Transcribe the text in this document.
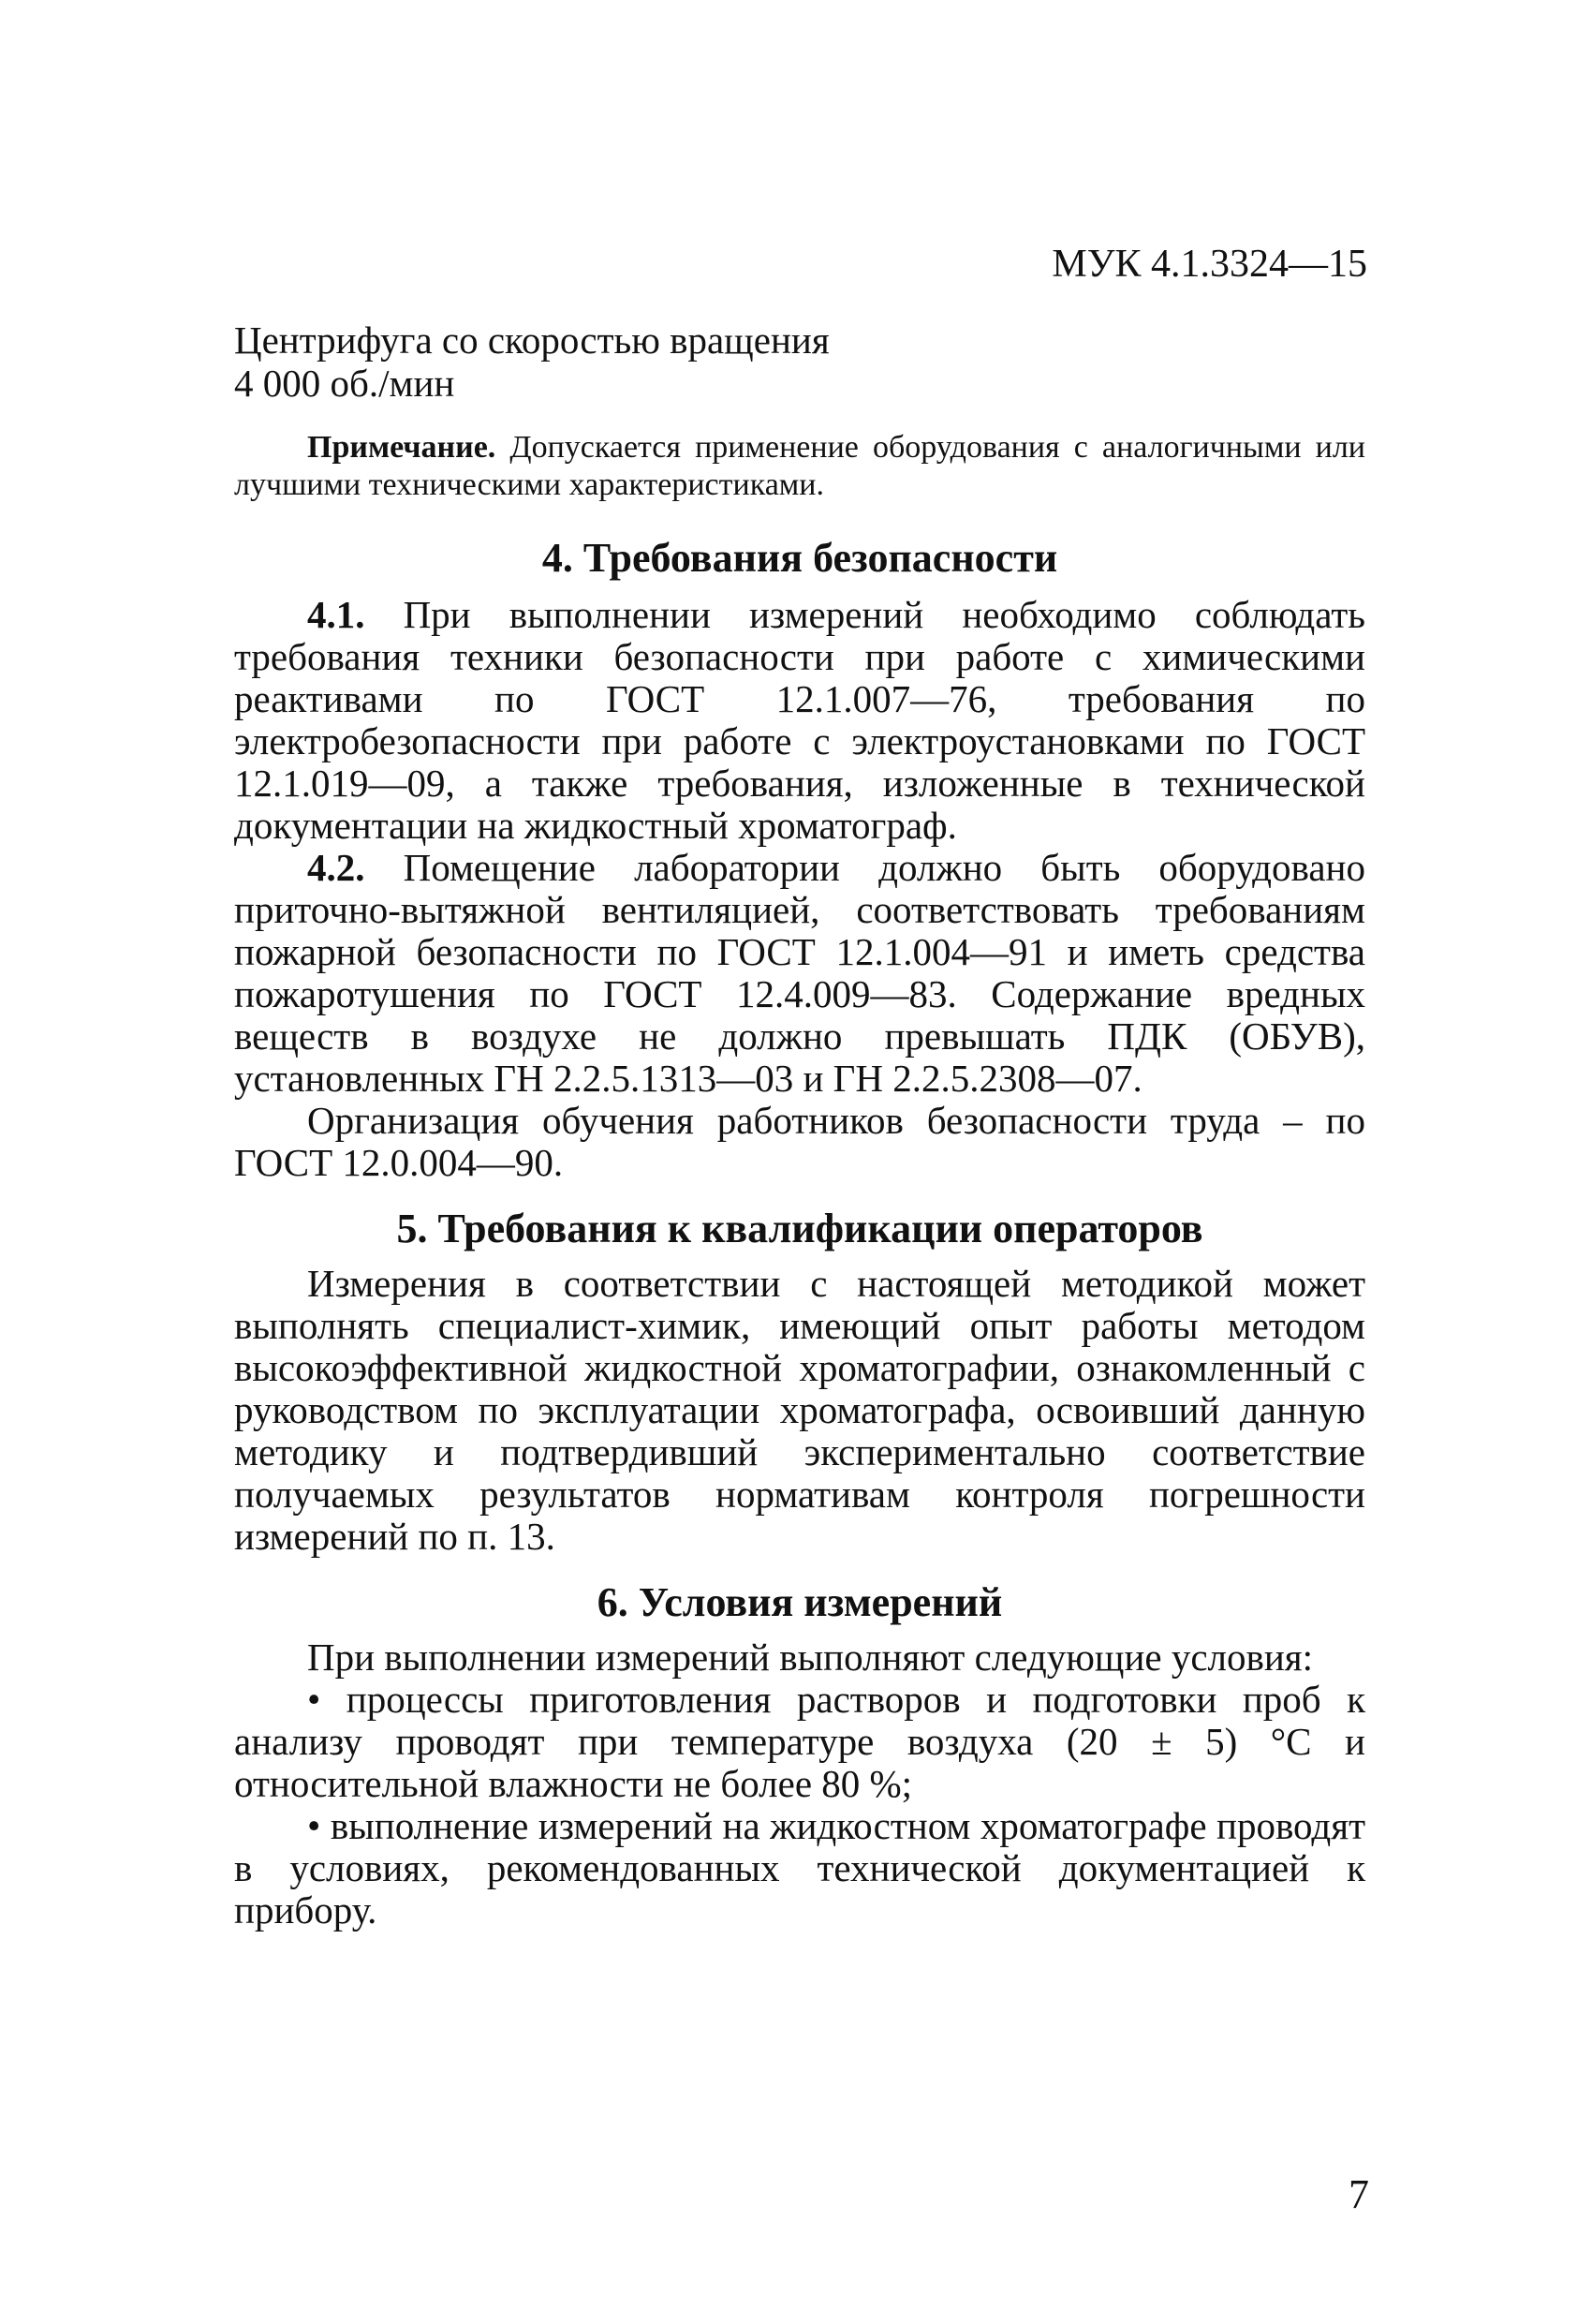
МУК 4.1.3324—15

Центрифуга со скоростью вращения

4 000 об./мин

Примечание. Допускается применение оборудования с аналогичными или лучшими техническими характеристиками.

4. Требования безопасности

4.1. При выполнении измерений необходимо соблюдать требования техники безопасности при работе с химическими реактивами по ГОСТ 12.1.007—76, требования по электробезопасности при работе с электроустановками по ГОСТ 12.1.019—09, а также требования, изложенные в технической документации на жидкостный хроматограф.

4.2. Помещение лаборатории должно быть оборудовано приточно-вытяжной вентиляцией, соответствовать требованиям пожарной безопасности по ГОСТ 12.1.004—91 и иметь средства пожаротушения по ГОСТ 12.4.009—83. Содержание вредных веществ в воздухе не должно превышать ПДК (ОБУВ), установленных ГН 2.2.5.1313—03 и ГН 2.2.5.2308—07.

Организация обучения работников безопасности труда – по ГОСТ 12.0.004—90.

5. Требования к квалификации операторов

Измерения в соответствии с настоящей методикой может выполнять специалист-химик, имеющий опыт работы методом высокоэффективной жидкостной хроматографии, ознакомленный с руководством по эксплуатации хроматографа, освоивший данную методику и подтвердивший экспериментально соответствие получаемых результатов нормативам контроля погрешности измерений по п. 13.

6. Условия измерений

При выполнении измерений выполняют следующие условия:

• процессы приготовления растворов и подготовки проб к анализу проводят при температуре воздуха (20 ± 5) °С и относительной влажности не более 80 %;

• выполнение измерений на жидкостном хроматографе проводят в условиях, рекомендованных технической документацией к прибору.

7
